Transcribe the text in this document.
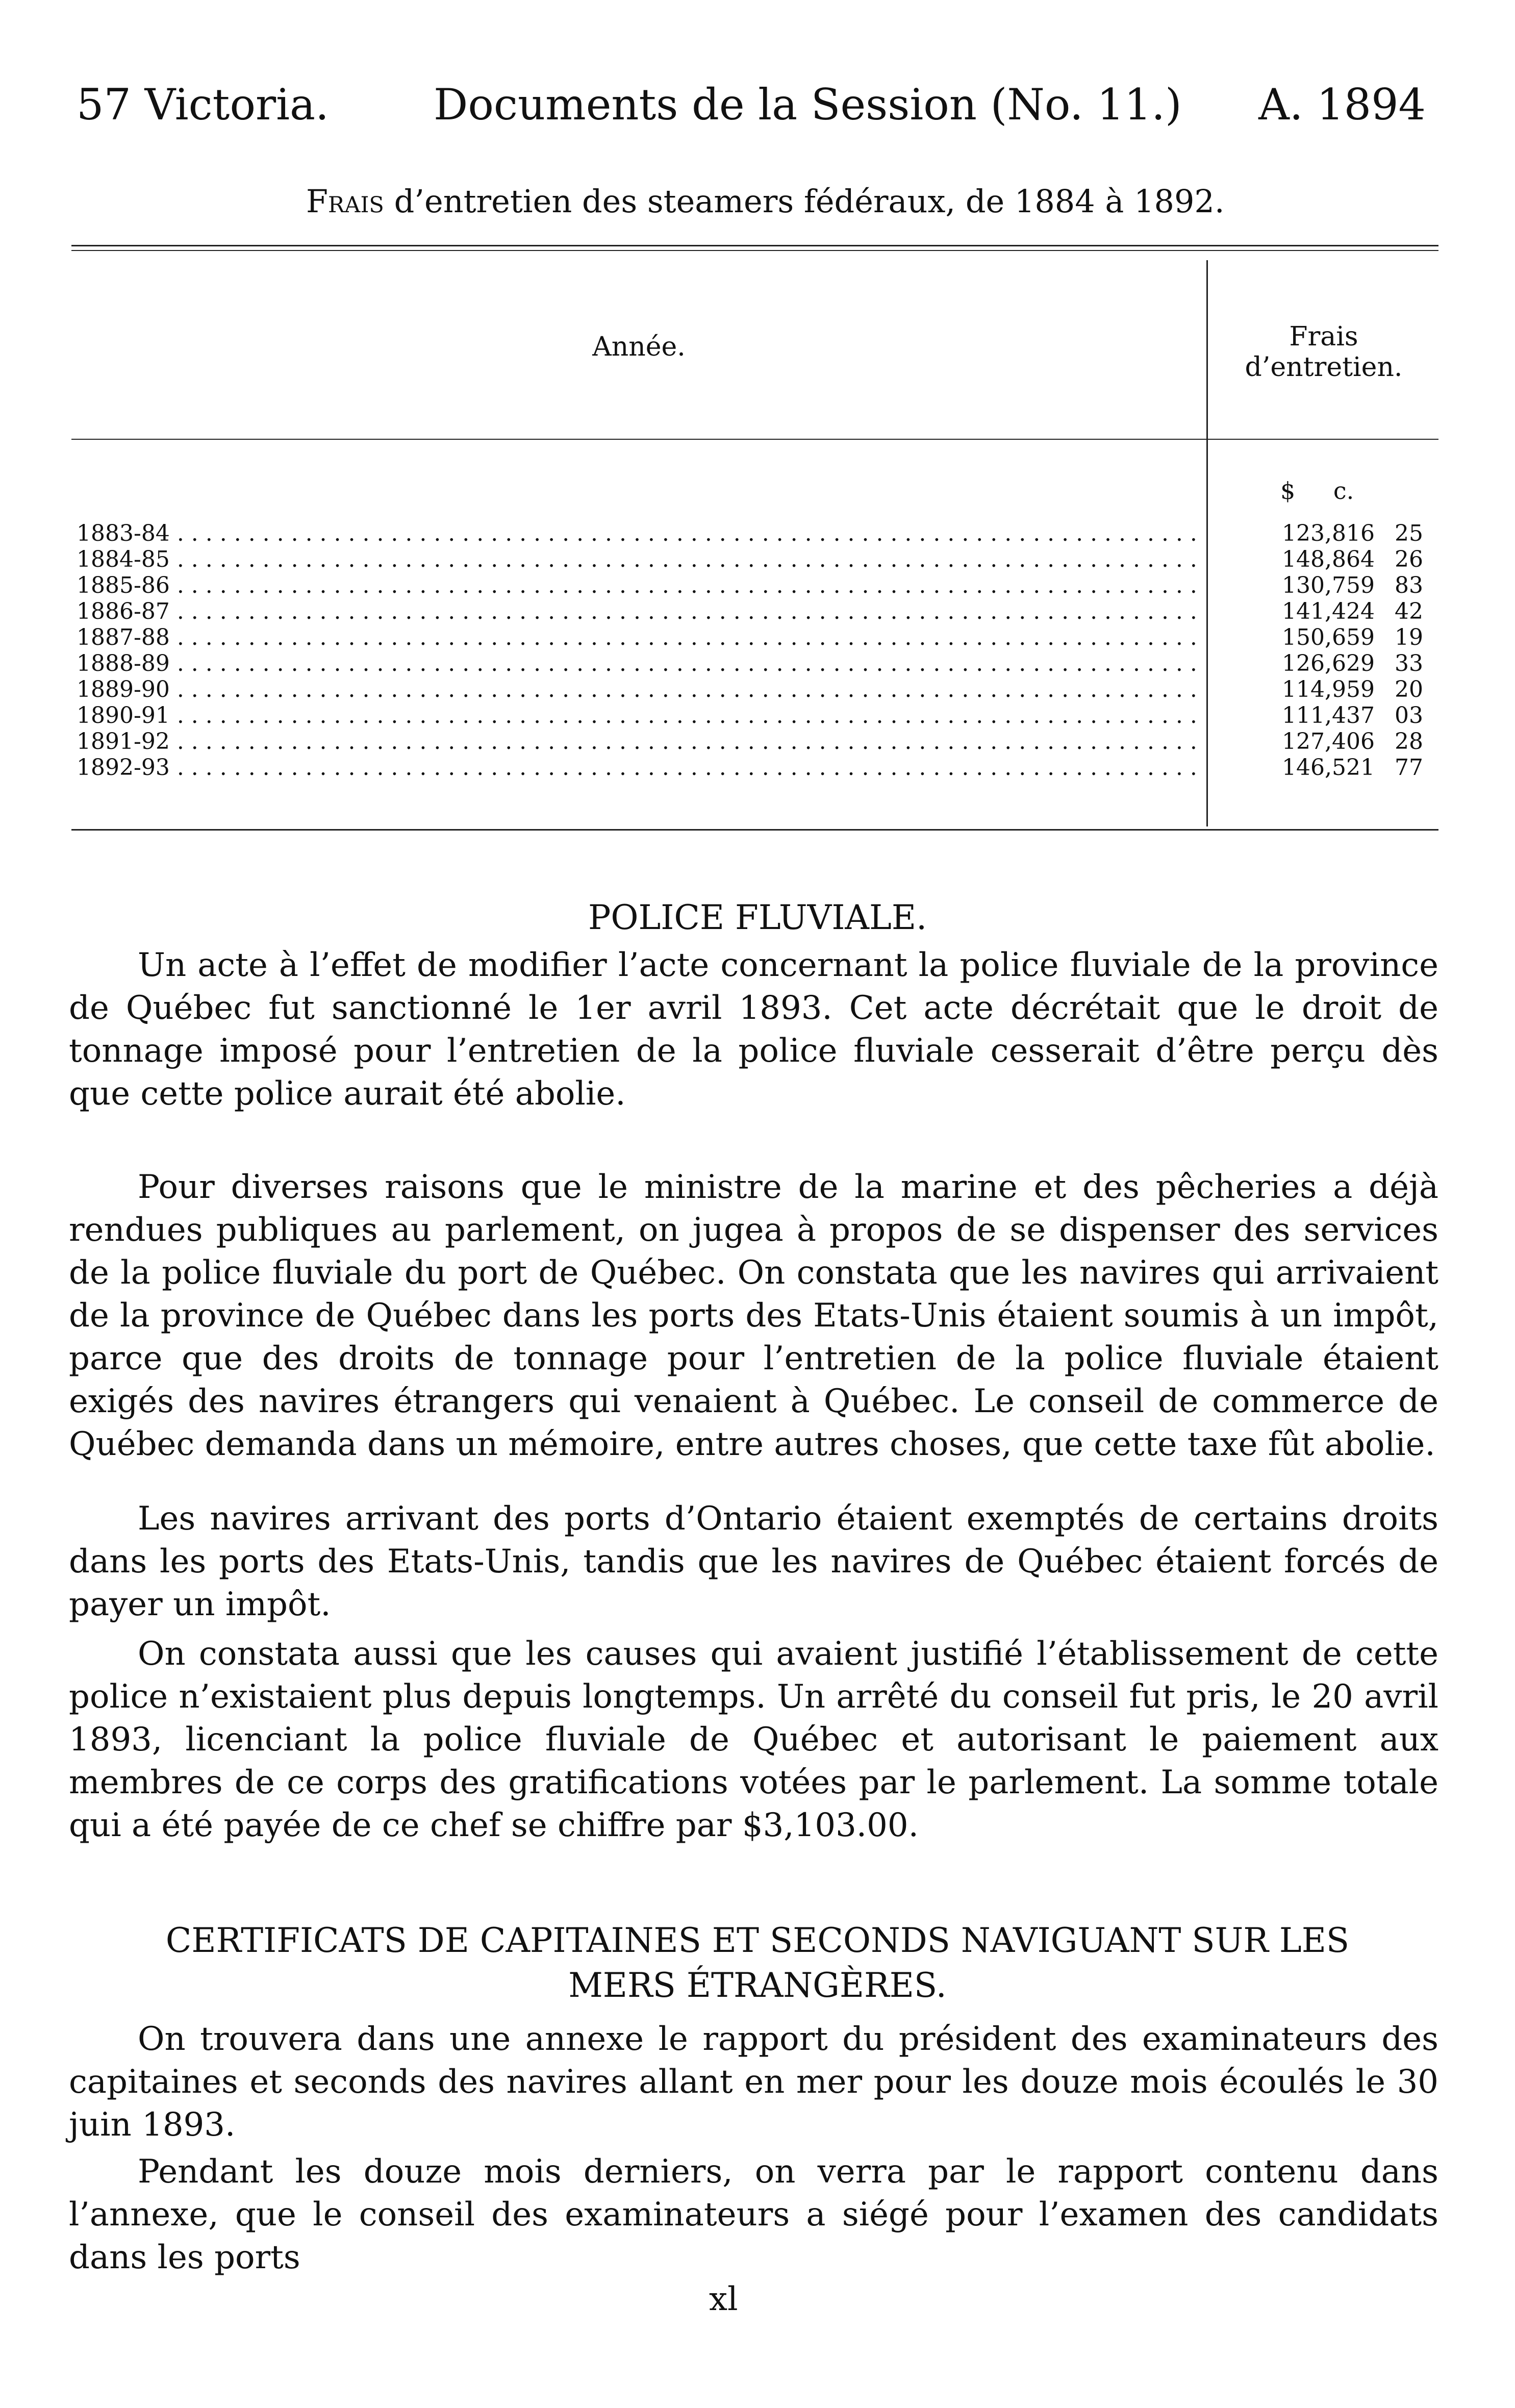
57 Victoria. Documents de la Session (No. 11.) A. 1894
Frais d’entretien des steamers fédéraux, de 1884 à 1892.
Année.	Frais
d’entretien.
$ c.
1883-84 . . .	123,816 25
1884-85 . . .	148,864 26
1885-86 . . .	130,759 83
1886-87 . . .	141,424 42
1887-88 . . .	150,659 19
1888-89 . . .	126,629 33
1889-90 . . .	114,959 20
1890-91 . . .	111,437 03
1891-92 . . .	127,406 28
1892-93 . . .	146,521 77
POLICE FLUVIALE.

Un acte à l’effet de modifier l’acte concernant la police fluviale de la province de Québec fut sanctionné le 1er avril 1893. Cet acte décrétait que le droit de tonnage imposé pour l’entretien de la police fluviale cesserait d’être perçu dès que cette police aurait été abolie.

Pour diverses raisons que le ministre de la marine et des pêcheries a déjà rendues publiques au parlement, on jugea à propos de se dispenser des services de la police fluviale du port de Québec. On constata que les navires qui arrivaient de la province de Québec dans les ports des Etats-Unis étaient soumis à un impôt, parce que des droits de tonnage pour l’entretien de la police fluviale étaient exigés des navires étrangers qui venaient à Québec. Le conseil de commerce de Québec demanda dans un mémoire, entre autres choses, que cette taxe fût abolie.

Les navires arrivant des ports d’Ontario étaient exemptés de certains droits dans les ports des Etats-Unis, tandis que les navires de Québec étaient forcés de payer un impôt.

On constata aussi que les causes qui avaient justifié l’établissement de cette police n’existaient plus depuis longtemps. Un arrêté du conseil fut pris, le 20 avril 1893, licenciant la police fluviale de Québec et autorisant le paiement aux membres de ce corps des gratifications votées par le parlement. La somme totale qui a été payée de ce chef se chiffre par $3,103.00.

CERTIFICATS DE CAPITAINES ET SECONDS NAVIGUANT SUR LES
MERS ÉTRANGÈRES.

On trouvera dans une annexe le rapport du président des examinateurs des capitaines et seconds des navires allant en mer pour les douze mois écoulés le 30 juin 1893.

Pendant les douze mois derniers, on verra par le rapport contenu dans l’annexe, que le conseil des examinateurs a siégé pour l’examen des candidats dans les ports

xl
